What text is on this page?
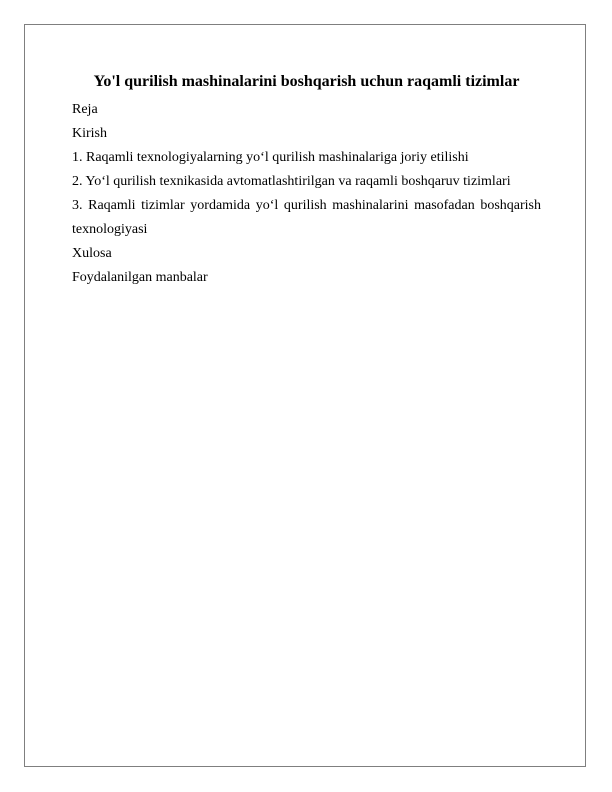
Yo'l qurilish mashinalarini boshqarish uchun raqamli tizimlar

Reja

Kirish

1. Raqamli texnologiyalarning yo‘l qurilish mashinalariga joriy etilishi

2. Yo‘l qurilish texnikasida avtomatlashtirilgan va raqamli boshqaruv tizimlari

3. Raqamli tizimlar yordamida yo‘l qurilish mashinalarini masofadan boshqarish texnologiyasi

Xulosa

Foydalanilgan manbalar
